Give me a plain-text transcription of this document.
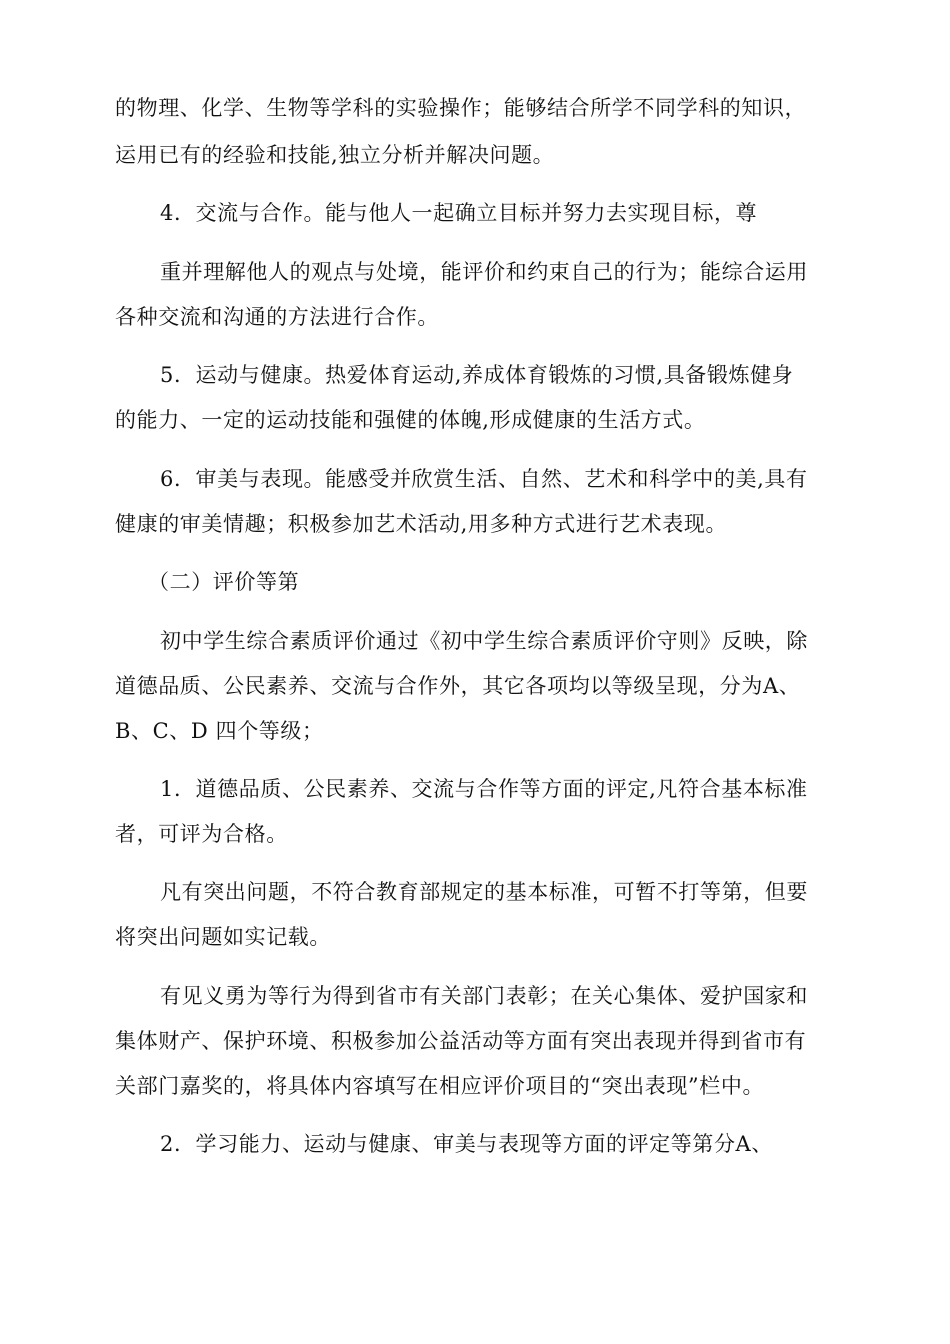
的物理、化学、生物等学科的实验操作；能够结合所学不同学科的知识，
运用已有的经验和技能,独立分析并解决问题。
4．交流与合作。能与他人一起确立目标并努力去实现目标，尊
重并理解他人的观点与处境，能评价和约束自己的行为；能综合运用
各种交流和沟通的方法进行合作。
5．运动与健康。热爱体育运动,养成体育锻炼的习惯,具备锻炼健身
的能力、一定的运动技能和强健的体魄,形成健康的生活方式。
6．审美与表现。能感受并欣赏生活、自然、艺术和科学中的美,具有
健康的审美情趣；积极参加艺术活动,用多种方式进行艺术表现。
（二）评价等第
初中学生综合素质评价通过《初中学生综合素质评价守则》反映，除
道德品质、公民素养、交流与合作外，其它各项均以等级呈现，分为A、
B、C、D 四个等级；
1．道德品质、公民素养、交流与合作等方面的评定,凡符合基本标准
者，可评为合格。
凡有突出问题，不符合教育部规定的基本标准，可暂不打等第，但要
将突出问题如实记载。
有见义勇为等行为得到省市有关部门表彰；在关心集体、爱护国家和
集体财产、保护环境、积极参加公益活动等方面有突出表现并得到省市有
关部门嘉奖的，将具体内容填写在相应评价项目的“突出表现”栏中。
2．学习能力、运动与健康、审美与表现等方面的评定等第分A、
